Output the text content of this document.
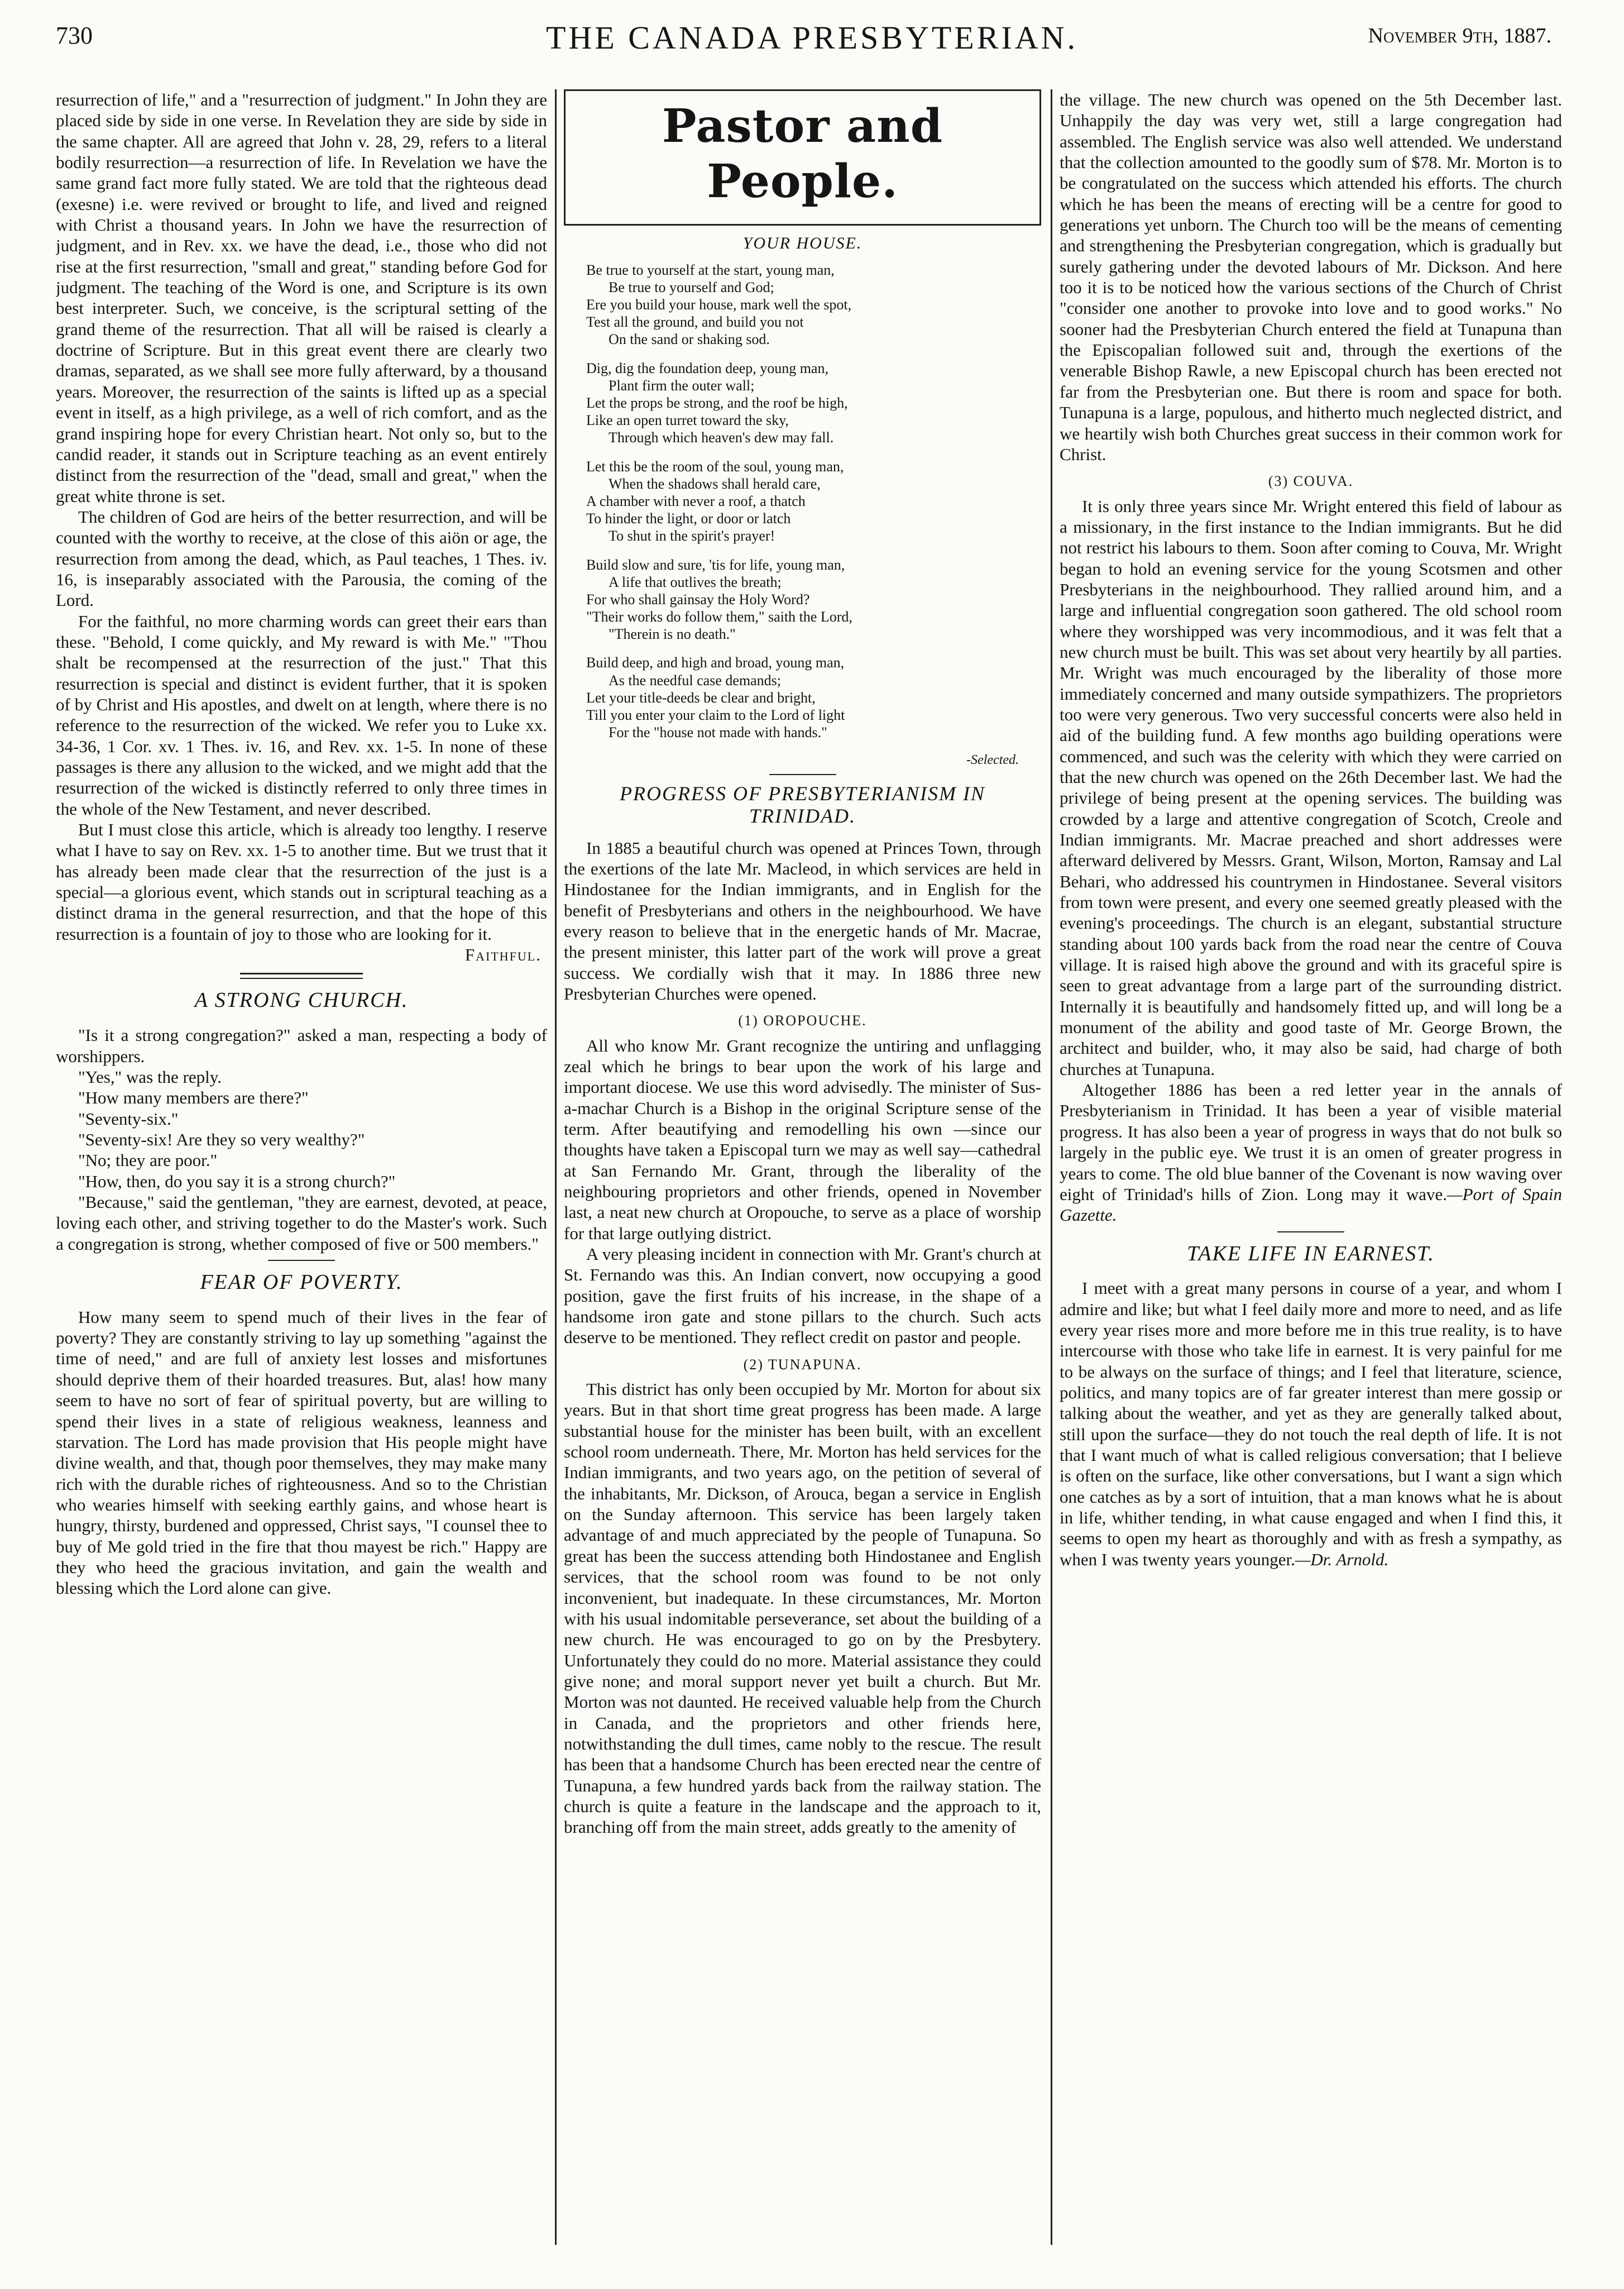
730	THE CANADA PRESBYTERIAN.	November 9th, 1887.

resurrection of life," and a "resurrection of judgment." In John they are placed side by side in one verse. In Revelation they are side by side in the same chapter. All are agreed that John v. 28, 29, refers to a literal bodily resurrection—a resurrection of life. In Revelation we have the same grand fact more fully stated. We are told that the righteous dead (exesne) i.e. were revived or brought to life, and lived and reigned with Christ a thousand years. In John we have the resurrection of judgment, and in Rev. xx. we have the dead, i.e., those who did not rise at the first resurrection, "small and great," standing before God for judgment. The teaching of the Word is one, and Scripture is its own best interpreter. Such, we conceive, is the scriptural setting of the grand theme of the resurrection. That all will be raised is clearly a doctrine of Scripture. But in this great event there are clearly two dramas, separated, as we shall see more fully afterward, by a thousand years. Moreover, the resurrection of the saints is lifted up as a special event in itself, as a high privilege, as a well of rich comfort, and as the grand inspiring hope for every Christian heart. Not only so, but to the candid reader, it stands out in Scripture teaching as an event entirely distinct from the resurrection of the "dead, small and great," when the great white throne is set.

The children of God are heirs of the better resurrection, and will be counted with the worthy to receive, at the close of this aiön or age, the resurrection from among the dead, which, as Paul teaches, 1 Thes. iv. 16, is inseparably associated with the Parousia, the coming of the Lord.

For the faithful, no more charming words can greet their ears than these. "Behold, I come quickly, and My reward is with Me." "Thou shalt be recompensed at the resurrection of the just." That this resurrection is special and distinct is evident further, that it is spoken of by Christ and His apostles, and dwelt on at length, where there is no reference to the resurrection of the wicked. We refer you to Luke xx. 34-36, 1 Cor. xv. 1 Thes. iv. 16, and Rev. xx. 1-5. In none of these passages is there any allusion to the wicked, and we might add that the resurrection of the wicked is distinctly referred to only three times in the whole of the New Testament, and never described.

But I must close this article, which is already too lengthy. I reserve what I have to say on Rev. xx. 1-5 to another time. But we trust that it has already been made clear that the resurrection of the just is a special—a glorious event, which stands out in scriptural teaching as a distinct drama in the general resurrection, and that the hope of this resurrection is a fountain of joy to those who are looking for it.

Faithful.
A STRONG CHURCH.

"Is it a strong congregation?" asked a man, respecting a body of worshippers.

"Yes," was the reply.

"How many members are there?"

"Seventy-six."

"Seventy-six! Are they so very wealthy?"

"No; they are poor."

"How, then, do you say it is a strong church?"

"Because," said the gentleman, "they are earnest, devoted, at peace, loving each other, and striving together to do the Master's work. Such a congregation is strong, whether composed of five or 500 members."

FEAR OF POVERTY.

How many seem to spend much of their lives in the fear of poverty? They are constantly striving to lay up something "against the time of need," and are full of anxiety lest losses and misfortunes should deprive them of their hoarded treasures. But, alas! how many seem to have no sort of fear of spiritual poverty, but are willing to spend their lives in a state of religious weakness, leanness and starvation. The Lord has made provision that His people might have divine wealth, and that, though poor themselves, they may make many rich with the durable riches of righteousness. And so to the Christian who wearies himself with seeking earthly gains, and whose heart is hungry, thirsty, burdened and oppressed, Christ says, "I counsel thee to buy of Me gold tried in the fire that thou mayest be rich." Happy are they who heed the gracious invitation, and gain the wealth and blessing which the Lord alone can give.

Pastor and People.
YOUR HOUSE.
Be true to yourself at the start, young man,
Be true to yourself and God;
Ere you build your house, mark well the spot,
Test all the ground, and build you not
On the sand or shaking sod.
Dig, dig the foundation deep, young man,
Plant firm the outer wall;
Let the props be strong, and the roof be high,
Like an open turret toward the sky,
Through which heaven's dew may fall.
Let this be the room of the soul, young man,
When the shadows shall herald care,
A chamber with never a roof, a thatch
To hinder the light, or door or latch
To shut in the spirit's prayer!
Build slow and sure, 'tis for life, young man,
A life that outlives the breath;
For who shall gainsay the Holy Word?
"Their works do follow them," saith the Lord,
"Therein is no death."
Build deep, and high and broad, young man,
As the needful case demands;
Let your title-deeds be clear and bright,
Till you enter your claim to the Lord of light
For the "house not made with hands."
-Selected.
PROGRESS OF PRESBYTERIANISM IN TRINIDAD.

In 1885 a beautiful church was opened at Princes Town, through the exertions of the late Mr. Macleod, in which services are held in Hindostanee for the Indian immigrants, and in English for the benefit of Presbyterians and others in the neighbourhood. We have every reason to believe that in the energetic hands of Mr. Macrae, the present minister, this latter part of the work will prove a great success. We cordially wish that it may. In 1886 three new Presbyterian Churches were opened.

(1) OROPOUCHE.

All who know Mr. Grant recognize the untiring and unflagging zeal which he brings to bear upon the work of his large and important diocese. We use this word advisedly. The minister of Sus-a-machar Church is a Bishop in the original Scripture sense of the term. After beautifying and remodelling his own —since our thoughts have taken a Episcopal turn we may as well say—cathedral at San Fernando Mr. Grant, through the liberality of the neighbouring proprietors and other friends, opened in November last, a neat new church at Oropouche, to serve as a place of worship for that large outlying district.

A very pleasing incident in connection with Mr. Grant's church at St. Fernando was this. An Indian convert, now occupying a good position, gave the first fruits of his increase, in the shape of a handsome iron gate and stone pillars to the church. Such acts deserve to be mentioned. They reflect credit on pastor and people.

(2) TUNAPUNA.

This district has only been occupied by Mr. Morton for about six years. But in that short time great progress has been made. A large substantial house for the minister has been built, with an excellent school room underneath. There, Mr. Morton has held services for the Indian immigrants, and two years ago, on the petition of several of the inhabitants, Mr. Dickson, of Arouca, began a service in English on the Sunday afternoon. This service has been largely taken advantage of and much appreciated by the people of Tunapuna. So great has been the success attending both Hindostanee and English services, that the school room was found to be not only inconvenient, but inadequate. In these circumstances, Mr. Morton with his usual indomitable perseverance, set about the building of a new church. He was encouraged to go on by the Presbytery. Unfortunately they could do no more. Material assistance they could give none; and moral support never yet built a church. But Mr. Morton was not daunted. He received valuable help from the Church in Canada, and the proprietors and other friends here, notwithstanding the dull times, came nobly to the rescue. The result has been that a handsome Church has been erected near the centre of Tunapuna, a few hundred yards back from the railway station. The church is quite a feature in the landscape and the approach to it, branching off from the main street, adds greatly to the amenity of

the village. The new church was opened on the 5th December last. Unhappily the day was very wet, still a large congregation had assembled. The English service was also well attended. We understand that the collection amounted to the goodly sum of $78. Mr. Morton is to be congratulated on the success which attended his efforts. The church which he has been the means of erecting will be a centre for good to generations yet unborn. The Church too will be the means of cementing and strengthening the Presbyterian congregation, which is gradually but surely gathering under the devoted labours of Mr. Dickson. And here too it is to be noticed how the various sections of the Church of Christ "consider one another to provoke into love and to good works." No sooner had the Presbyterian Church entered the field at Tunapuna than the Episcopalian followed suit and, through the exertions of the venerable Bishop Rawle, a new Episcopal church has been erected not far from the Presbyterian one. But there is room and space for both. Tunapuna is a large, populous, and hitherto much neglected district, and we heartily wish both Churches great success in their common work for Christ.

(3) COUVA.

It is only three years since Mr. Wright entered this field of labour as a missionary, in the first instance to the Indian immigrants. But he did not restrict his labours to them. Soon after coming to Couva, Mr. Wright began to hold an evening service for the young Scotsmen and other Presbyterians in the neighbourhood. They rallied around him, and a large and influential congregation soon gathered. The old school room where they worshipped was very incommodious, and it was felt that a new church must be built. This was set about very heartily by all parties. Mr. Wright was much encouraged by the liberality of those more immediately concerned and many outside sympathizers. The proprietors too were very generous. Two very successful concerts were also held in aid of the building fund. A few months ago building operations were commenced, and such was the celerity with which they were carried on that the new church was opened on the 26th December last. We had the privilege of being present at the opening services. The building was crowded by a large and attentive congregation of Scotch, Creole and Indian immigrants. Mr. Macrae preached and short addresses were afterward delivered by Messrs. Grant, Wilson, Morton, Ramsay and Lal Behari, who addressed his countrymen in Hindostanee. Several visitors from town were present, and every one seemed greatly pleased with the evening's proceedings. The church is an elegant, substantial structure standing about 100 yards back from the road near the centre of Couva village. It is raised high above the ground and with its graceful spire is seen to great advantage from a large part of the surrounding district. Internally it is beautifully and handsomely fitted up, and will long be a monument of the ability and good taste of Mr. George Brown, the architect and builder, who, it may also be said, had charge of both churches at Tunapuna.

Altogether 1886 has been a red letter year in the annals of Presbyterianism in Trinidad. It has been a year of visible material progress. It has also been a year of progress in ways that do not bulk so largely in the public eye. We trust it is an omen of greater progress in years to come. The old blue banner of the Covenant is now waving over eight of Trinidad's hills of Zion. Long may it wave.—Port of Spain Gazette.

TAKE LIFE IN EARNEST.

I meet with a great many persons in course of a year, and whom I admire and like; but what I feel daily more and more to need, and as life every year rises more and more before me in this true reality, is to have intercourse with those who take life in earnest. It is very painful for me to be always on the surface of things; and I feel that literature, science, politics, and many topics are of far greater interest than mere gossip or talking about the weather, and yet as they are generally talked about, still upon the surface—they do not touch the real depth of life. It is not that I want much of what is called religious conversation; that I believe is often on the surface, like other conversations, but I want a sign which one catches as by a sort of intuition, that a man knows what he is about in life, whither tending, in what cause engaged and when I find this, it seems to open my heart as thoroughly and with as fresh a sympathy, as when I was twenty years younger.—Dr. Arnold.
